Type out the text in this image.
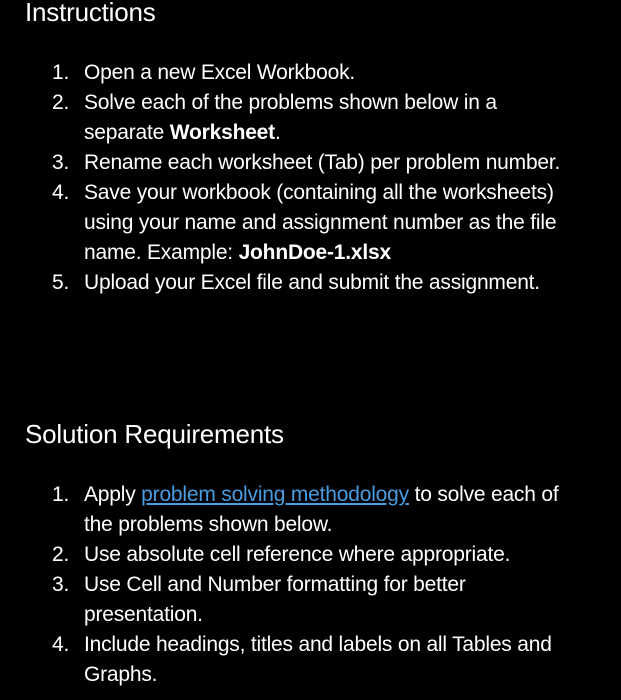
Instructions
1. Open a new Excel Workbook.
2. Solve each of the problems shown below in a separate Worksheet.
3. Rename each worksheet (Tab) per problem number.
4. Save your workbook (containing all the worksheets) using your name and assignment number as the file name. Example: JohnDoe-1.xlsx
5. Upload your Excel file and submit the assignment.
Solution Requirements
1. Apply problem solving methodology to solve each of the problems shown below.
2. Use absolute cell reference where appropriate.
3. Use Cell and Number formatting for better presentation.
4. Include headings, titles and labels on all Tables and Graphs.
